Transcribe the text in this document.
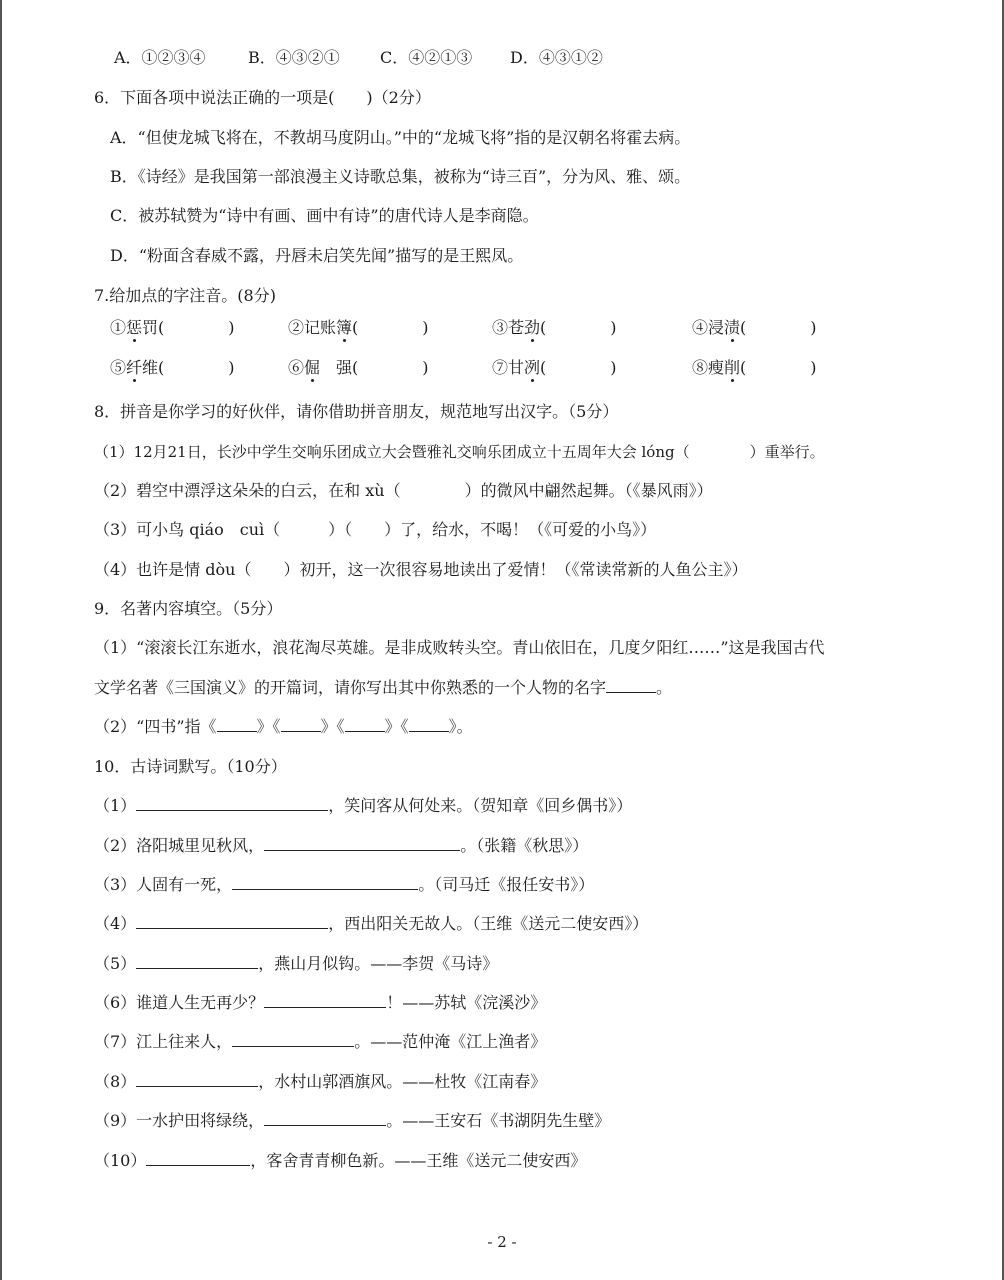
A．①②③④	B．④③②①	C．④②①③ D．④③①②
6．下面各项中说法正确的一项是(　　)（2分）
A．“但使龙城飞将在，不教胡马度阴山。”中的“龙城飞将”指的是汉朝名将霍去病。
B．《诗经》是我国第一部浪漫主义诗歌总集，被称为“诗三百”，分为风、雅、颂。
C．被苏轼赞为“诗中有画、画中有诗”的唐代诗人是李商隐。
D．“粉面含春威不露，丹唇未启笑先闻”描写的是王熙凤。
7.给加点的字注音。(8分)
①惩罚(　　　　)	②记账簿(　　　　)	③苍劲(　　　　)	④浸渍(　　　　)
⑤纤维(　　　　)	⑥倔　强(　　　　)	⑦甘冽(　　　　)	⑧瘦削(　　　　)
8．拼音是你学习的好伙伴，请你借助拼音朋友，规范地写出汉字。（5分）
（1）12月21日，长沙中学生交响乐团成立大会暨雅礼交响乐团成立十五周年大会 lóng（　　　　）重举行。
（2）碧空中漂浮这朵朵的白云，在和 xù（　　　　）的微风中翩然起舞。（《暴风雨》）
（3）可小鸟 qiáo　cuì（　　　）（　　）了，给水，不喝！（《可爱的小鸟》）
（4）也许是情 dòu（　　）初开，这一次很容易地读出了爱情！（《常读常新的人鱼公主》）
9．名著内容填空。（5分）
（1）“滚滚长江东逝水，浪花淘尽英雄。是非成败转头空。青山依旧在，几度夕阳红……”这是我国古代
文学名著《三国演义》的开篇词，请你写出其中你熟悉的一个人物的名字	。
（2）“四书”指《	》《	》《	》《	》。
10．古诗词默写。（10分）
（1）	，笑问客从何处来。（贺知章《回乡偶书》）
（2）洛阳城里见秋风，	。（张籍《秋思》）
（3）人固有一死，	。（司马迁《报任安书》）
（4）	，西出阳关无故人。（王维《送元二使安西》）
（5）	，燕山月似钩。——李贺《马诗》
（6）谁道人生无再少？	！——苏轼《浣溪沙》
（7）江上往来人，	。——范仲淹《江上渔者》
（8）	，水村山郭酒旗风。——杜牧《江南春》
（9）一水护田将绿绕，	。——王安石《书湖阴先生壁》
（10）	，客舍青青柳色新。——王维《送元二使安西》
- 2 -
